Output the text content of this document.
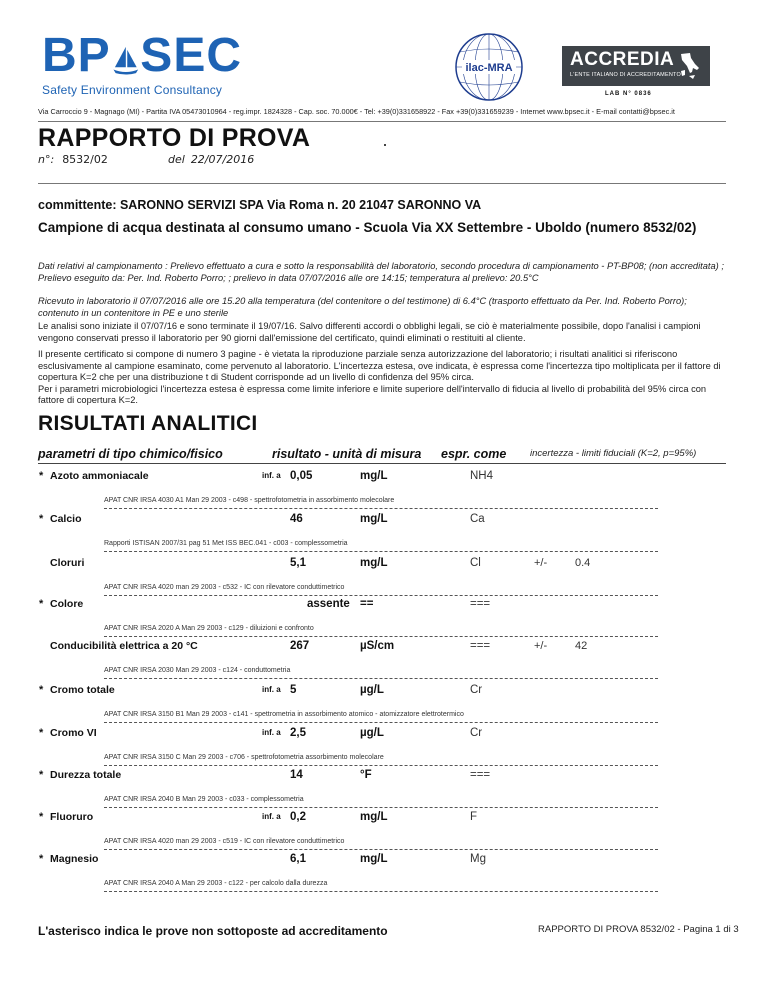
BP SEC
Safety Environment Consultancy
ilac-MRA	ACCREDIA
L'ENTE ITALIANO DI ACCREDITAMENTO
LAB N° 0836
Via Carroccio 9 - Magnago (MI) - Partita IVA 05473010964 - reg.impr. 1824328 - Cap. soc. 70.000€ - Tel: +39(0)331658922 - Fax +39(0)331659239 - Internet www.bpsec.it - E-mail contatti@bpsec.it
RAPPORTO DI PROVA
n°: 8532/02	del 22/07/2016
committente: SARONNO SERVIZI SPA Via Roma n. 20 21047 SARONNO VA
Campione di acqua destinata al consumo umano - Scuola Via XX Settembre - Uboldo (numero 8532/02)
Dati relativi al campionamento : Prelievo effettuato a cura e sotto la responsabilità del laboratorio, secondo procedura di campionamento - PT-BP08; (non accreditata) ; Prelievo eseguito da: Per. Ind. Roberto Porro; ; prelievo in data 07/07/2016 alle ore 14:15; temperatura al prelievo: 20.5°C
Ricevuto in laboratorio il 07/07/2016 alle ore 15.20 alla temperatura (del contenitore o del testimone) di 6.4°C (trasporto effettuato da Per. Ind. Roberto Porro); contenuto in un contenitore in PE e uno sterile
Le analisi sono iniziate il 07/07/16 e sono terminate il 19/07/16. Salvo differenti accordi o obblighi legali, se ciò è materialmente possibile, dopo l'analisi i campioni vengono conservati presso il laboratorio per 90 giorni dall'emissione del certificato, quindi eliminati o restituiti al cliente.
Il presente certificato si compone di numero 3 pagine - è vietata la riproduzione parziale senza autorizzazione del laboratorio; i risultati analitici si riferiscono esclusivamente al campione esaminato, come pervenuto al laboratorio. L'incertezza estesa, ove indicata, è espressa come l'incertezza tipo moltiplicata per il fattore di copertura K=2 che per una distribuzione t di Student corrisponde ad un livello di confidenza del 95% circa.
Per i parametri microbiologici l'incertezza estesa è espressa come limite inferiore e limite superiore dell'intervallo di fiducia al livello di probabilità del 95% circa con fattore di copertura K=2.
RISULTATI ANALITICI
parametri di tipo chimico/fisico	risultato - unità di misura espr. come incertezza - limiti fiduciali (K=2, p=95%)
* Azoto ammoniacale	inf. a 0,05	mg/L	NH4
APAT CNR IRSA 4030 A1 Man 29 2003 - c498 - spettrofotometria in assorbimento molecolare
* Calcio	46	mg/L	Ca
Rapporti ISTISAN 2007/31 pag 51 Met ISS BEC.041 - c003 - complessometria
Cloruri	5,1	mg/L	Cl	+/-	0.4
APAT CNR IRSA 4020 man 29 2003 - c532 - IC con rilevatore conduttimetrico
* Colore	assente ==	===
APAT CNR IRSA 2020 A Man 29 2003 - c129 - diluizioni e confronto
Conducibilità elettrica a 20 °C	267	µS/cm	===	+/-	42
APAT CNR IRSA 2030 Man 29 2003 - c124 - conduttometria
* Cromo totale	inf. a 5	µg/L	Cr
APAT CNR IRSA 3150 B1 Man 29 2003 - c141 - spettrometria in assorbimento atomico - atomizzatore elettrotermico
* Cromo VI	inf. a 2,5	µg/L	Cr
APAT CNR IRSA 3150 C Man 29 2003 - c706 - spettrofotometria assorbimento molecolare
* Durezza totale	14	°F	===
APAT CNR IRSA 2040 B Man 29 2003 - c033 - complessometria
* Fluoruro	inf. a 0,2	mg/L	F
APAT CNR IRSA 4020 man 29 2003 - c519 - IC con rilevatore conduttimetrico
* Magnesio	6,1	mg/L	Mg
APAT CNR IRSA 2040 A Man 29 2003 - c122 - per calcolo dalla durezza
L'asterisco indica le prove non sottoposte ad accreditamento	RAPPORTO DI PROVA 8532/02 - Pagina 1 di 3
